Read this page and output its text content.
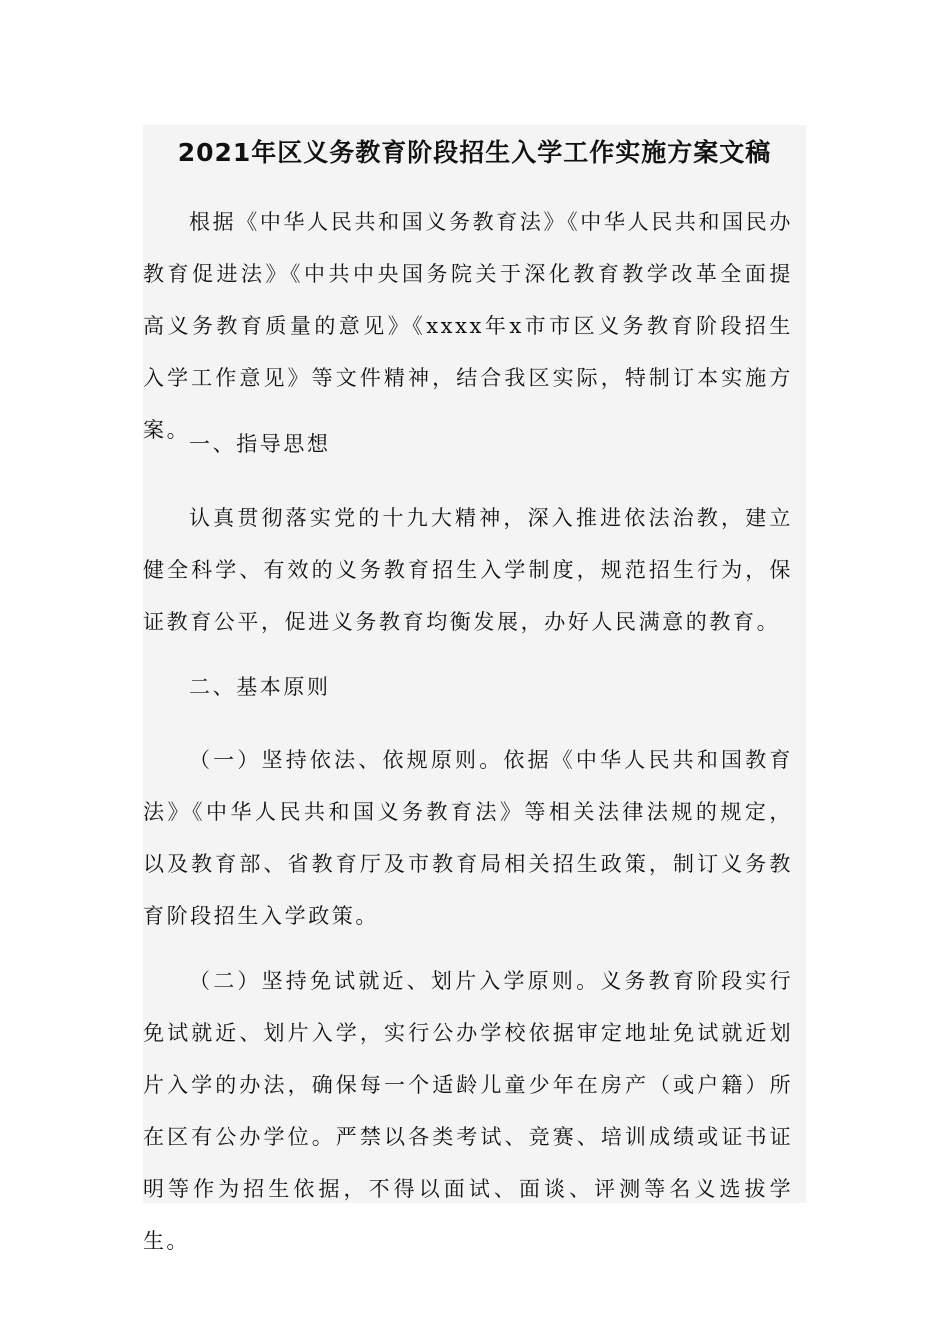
2021年区义务教育阶段招生入学工作实施方案文稿

根据《中华人民共和国义务教育法》《中华人民共和国民办教育促进法》《中共中央国务院关于深化教育教学改革全面提高义务教育质量的意见》《xxxx年x市市区义务教育阶段招生入学工作意见》等文件精神，结合我区实际，特制订本实施方案。

一、指导思想

认真贯彻落实党的十九大精神，深入推进依法治教，建立健全科学、有效的义务教育招生入学制度，规范招生行为，保证教育公平，促进义务教育均衡发展，办好人民满意的教育。

二、基本原则

（一）坚持依法、依规原则。依据《中华人民共和国教育法》《中华人民共和国义务教育法》等相关法律法规的规定，以及教育部、省教育厅及市教育局相关招生政策，制订义务教育阶段招生入学政策。

（二）坚持免试就近、划片入学原则。义务教育阶段实行免试就近、划片入学，实行公办学校依据审定地址免试就近划片入学的办法，确保每一个适龄儿童少年在房产（或户籍）所在区有公办学位。严禁以各类考试、竞赛、培训成绩或证书证明等作为招生依据，不得以面试、面谈、评测等名义选拔学生。
